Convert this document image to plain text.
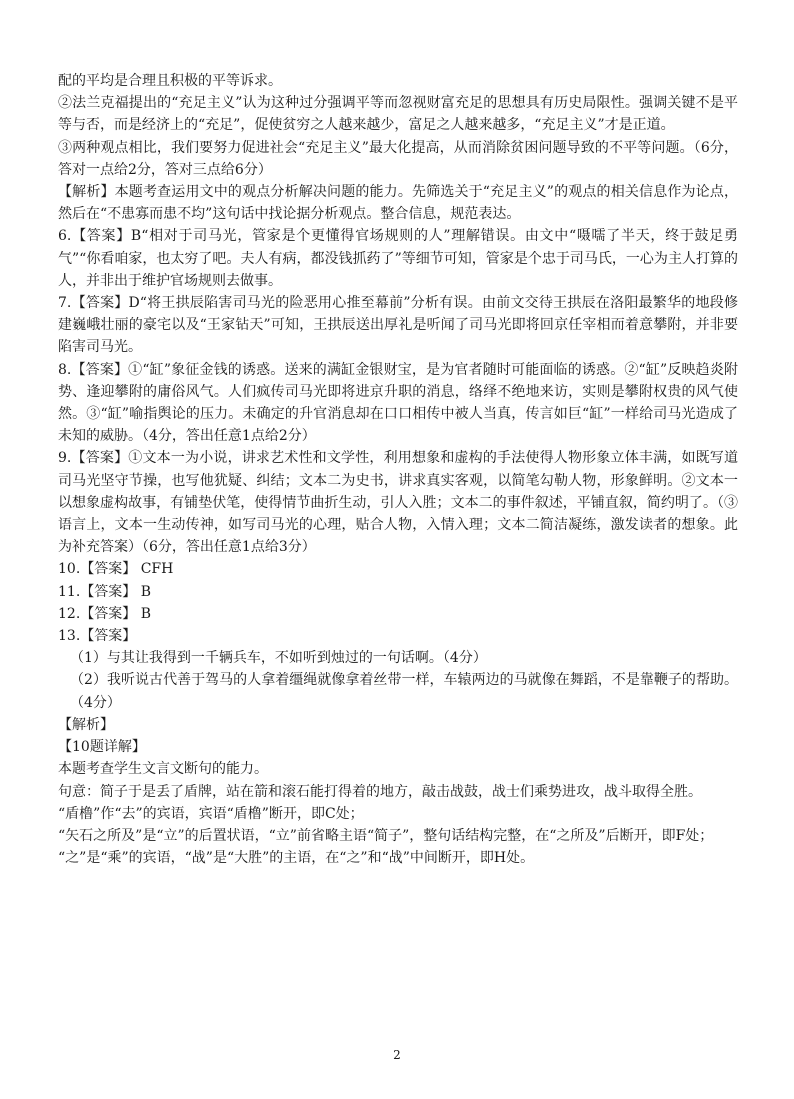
配的平均是合理且积极的平等诉求。

②法兰克福提出的“充足主义”认为这种过分强调平等而忽视财富充足的思想具有历史局限性。强调关键不是平等与否，而是经济上的“充足”，促使贫穷之人越来越少，富足之人越来越多，“充足主义”才是正道。

③两种观点相比，我们要努力促进社会“充足主义”最大化提高，从而消除贫困问题导致的不平等问题。（6分，答对一点给2分，答对三点给6分）

【解析】本题考查运用文中的观点分析解决问题的能力。先筛选关于“充足主义”的观点的相关信息作为论点，然后在“不患寡而患不均”这句话中找论据分析观点。整合信息，规范表达。

6.【答案】B“相对于司马光，管家是个更懂得官场规则的人”理解错误。由文中“嗫嚅了半天，终于鼓足勇气”“你看咱家，也太穷了吧。夫人有病，都没钱抓药了”等细节可知，管家是个忠于司马氏，一心为主人打算的人，并非出于维护官场规则去做事。

7.【答案】D“将王拱辰陷害司马光的险恶用心推至幕前”分析有误。由前文交待王拱辰在洛阳最繁华的地段修建巍峨壮丽的豪宅以及“王家钻天”可知，王拱辰送出厚礼是听闻了司马光即将回京任宰相而着意攀附，并非要陷害司马光。

8.【答案】①“缸”象征金钱的诱惑。送来的满缸金银财宝，是为官者随时可能面临的诱惑。②“缸”反映趋炎附势、逢迎攀附的庸俗风气。人们疯传司马光即将进京升职的消息，络绎不绝地来访，实则是攀附权贵的风气使然。③“缸”喻指舆论的压力。未确定的升官消息却在口口相传中被人当真，传言如巨“缸”一样给司马光造成了未知的威胁。（4分，答出任意1点给2分）

9.【答案】①文本一为小说，讲求艺术性和文学性，利用想象和虚构的手法使得人物形象立体丰满，如既写道司马光坚守节操，也写他犹疑、纠结；文本二为史书，讲求真实客观，以简笔勾勒人物，形象鲜明。②文本一以想象虚构故事，有铺垫伏笔，使得情节曲折生动，引人入胜；文本二的事件叙述，平铺直叙，简约明了。（③语言上，文本一生动传神，如写司马光的心理，贴合人物，入情入理；文本二简洁凝练，激发读者的想象。此为补充答案）（6分，答出任意1点给3分）

10.【答案】 CFH

11.【答案】 B

12.【答案】 B

13.【答案】

（1）与其让我得到一千辆兵车，不如听到烛过的一句话啊。（4分）

（2）我听说古代善于驾马的人拿着缰绳就像拿着丝带一样，车辕两边的马就像在舞蹈，不是靠鞭子的帮助。（4分）

【解析】

【10题详解】

本题考查学生文言文断句的能力。

句意：简子于是丢了盾牌，站在箭和滚石能打得着的地方，敲击战鼓，战士们乘势进攻，战斗取得全胜。

“盾橹”作“去”的宾语，宾语“盾橹”断开，即C处；

“矢石之所及”是“立”的后置状语，“立”前省略主语“简子”，整句话结构完整，在“之所及”后断开，即F处；

“之”是“乘”的宾语，“战”是“大胜”的主语，在“之”和“战”中间断开，即H处。

2
